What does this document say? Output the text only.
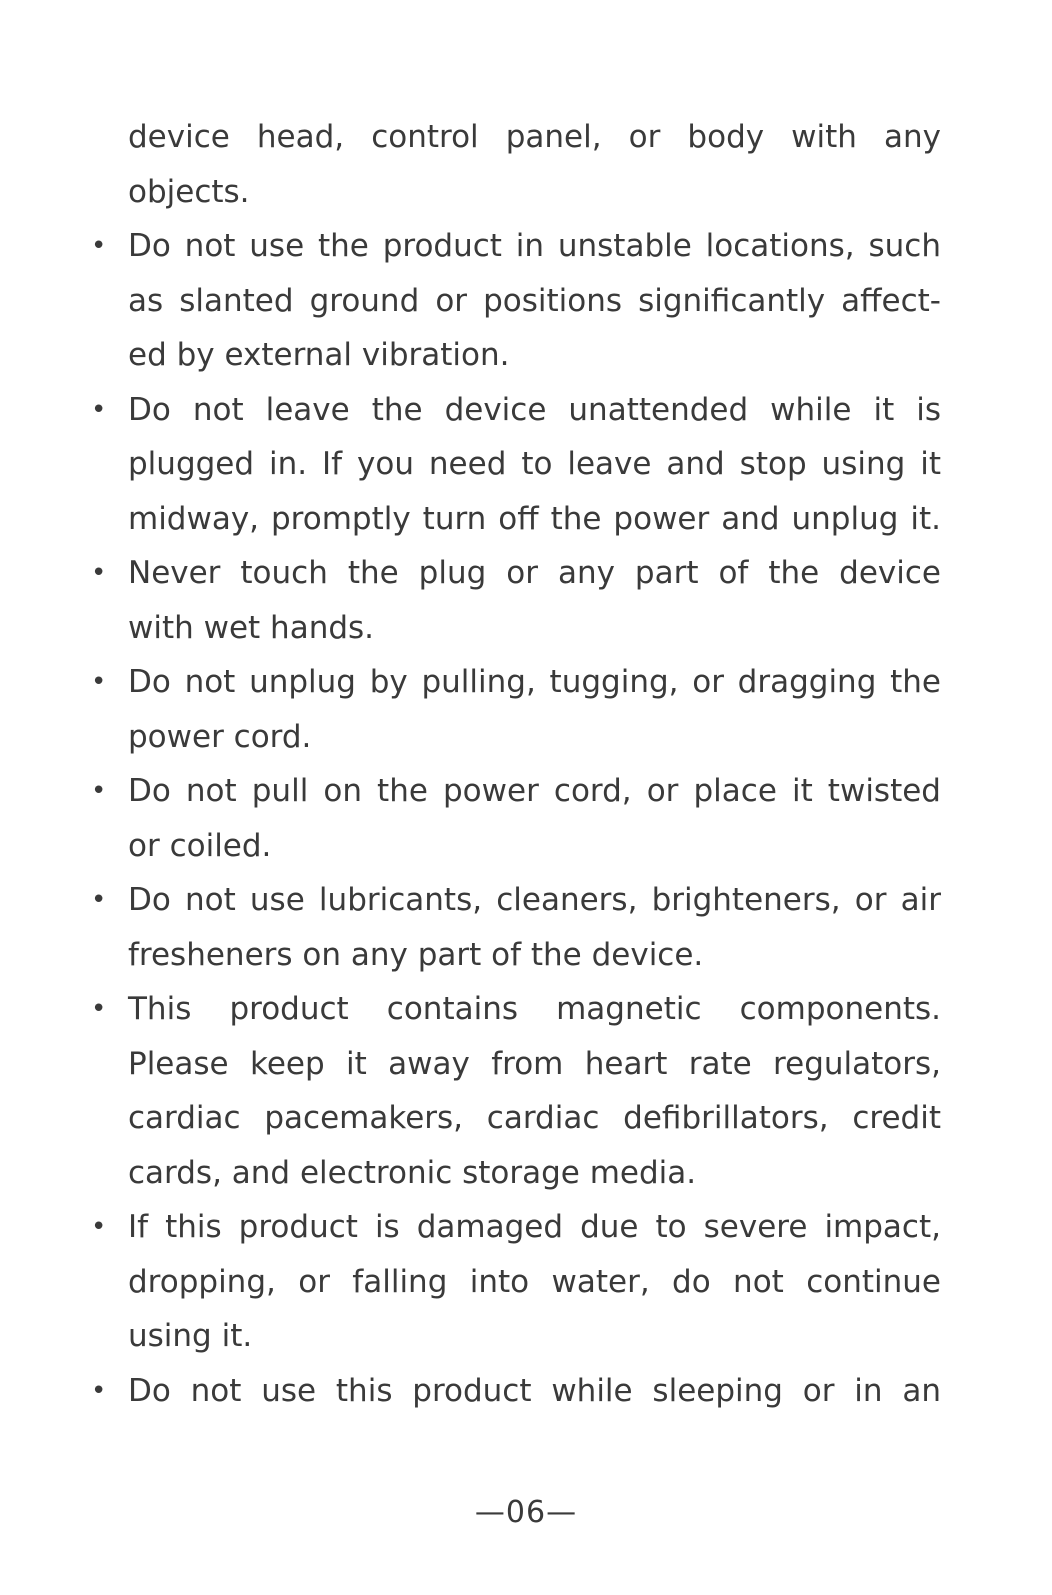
device head, control panel, or body with any
objects.
• Do not use the product in unstable locations, such
as slanted ground or positions significantly affect-
ed by external vibration.
• Do not leave the device unattended while it is
plugged in. If you need to leave and stop using it
midway, promptly turn off the power and unplug it.
• Never touch the plug or any part of the device
with wet hands.
• Do not unplug by pulling, tugging, or dragging the
power cord.
• Do not pull on the power cord, or place it twisted
or coiled.
• Do not use lubricants, cleaners, brighteners, or air
fresheners on any part of the device.
• This product contains magnetic components.
Please keep it away from heart rate regulators,
cardiac pacemakers, cardiac defibrillators, credit
cards, and electronic storage media.
• If this product is damaged due to severe impact,
dropping, or falling into water, do not continue
using it.
• Do not use this product while sleeping or in an
—06—
